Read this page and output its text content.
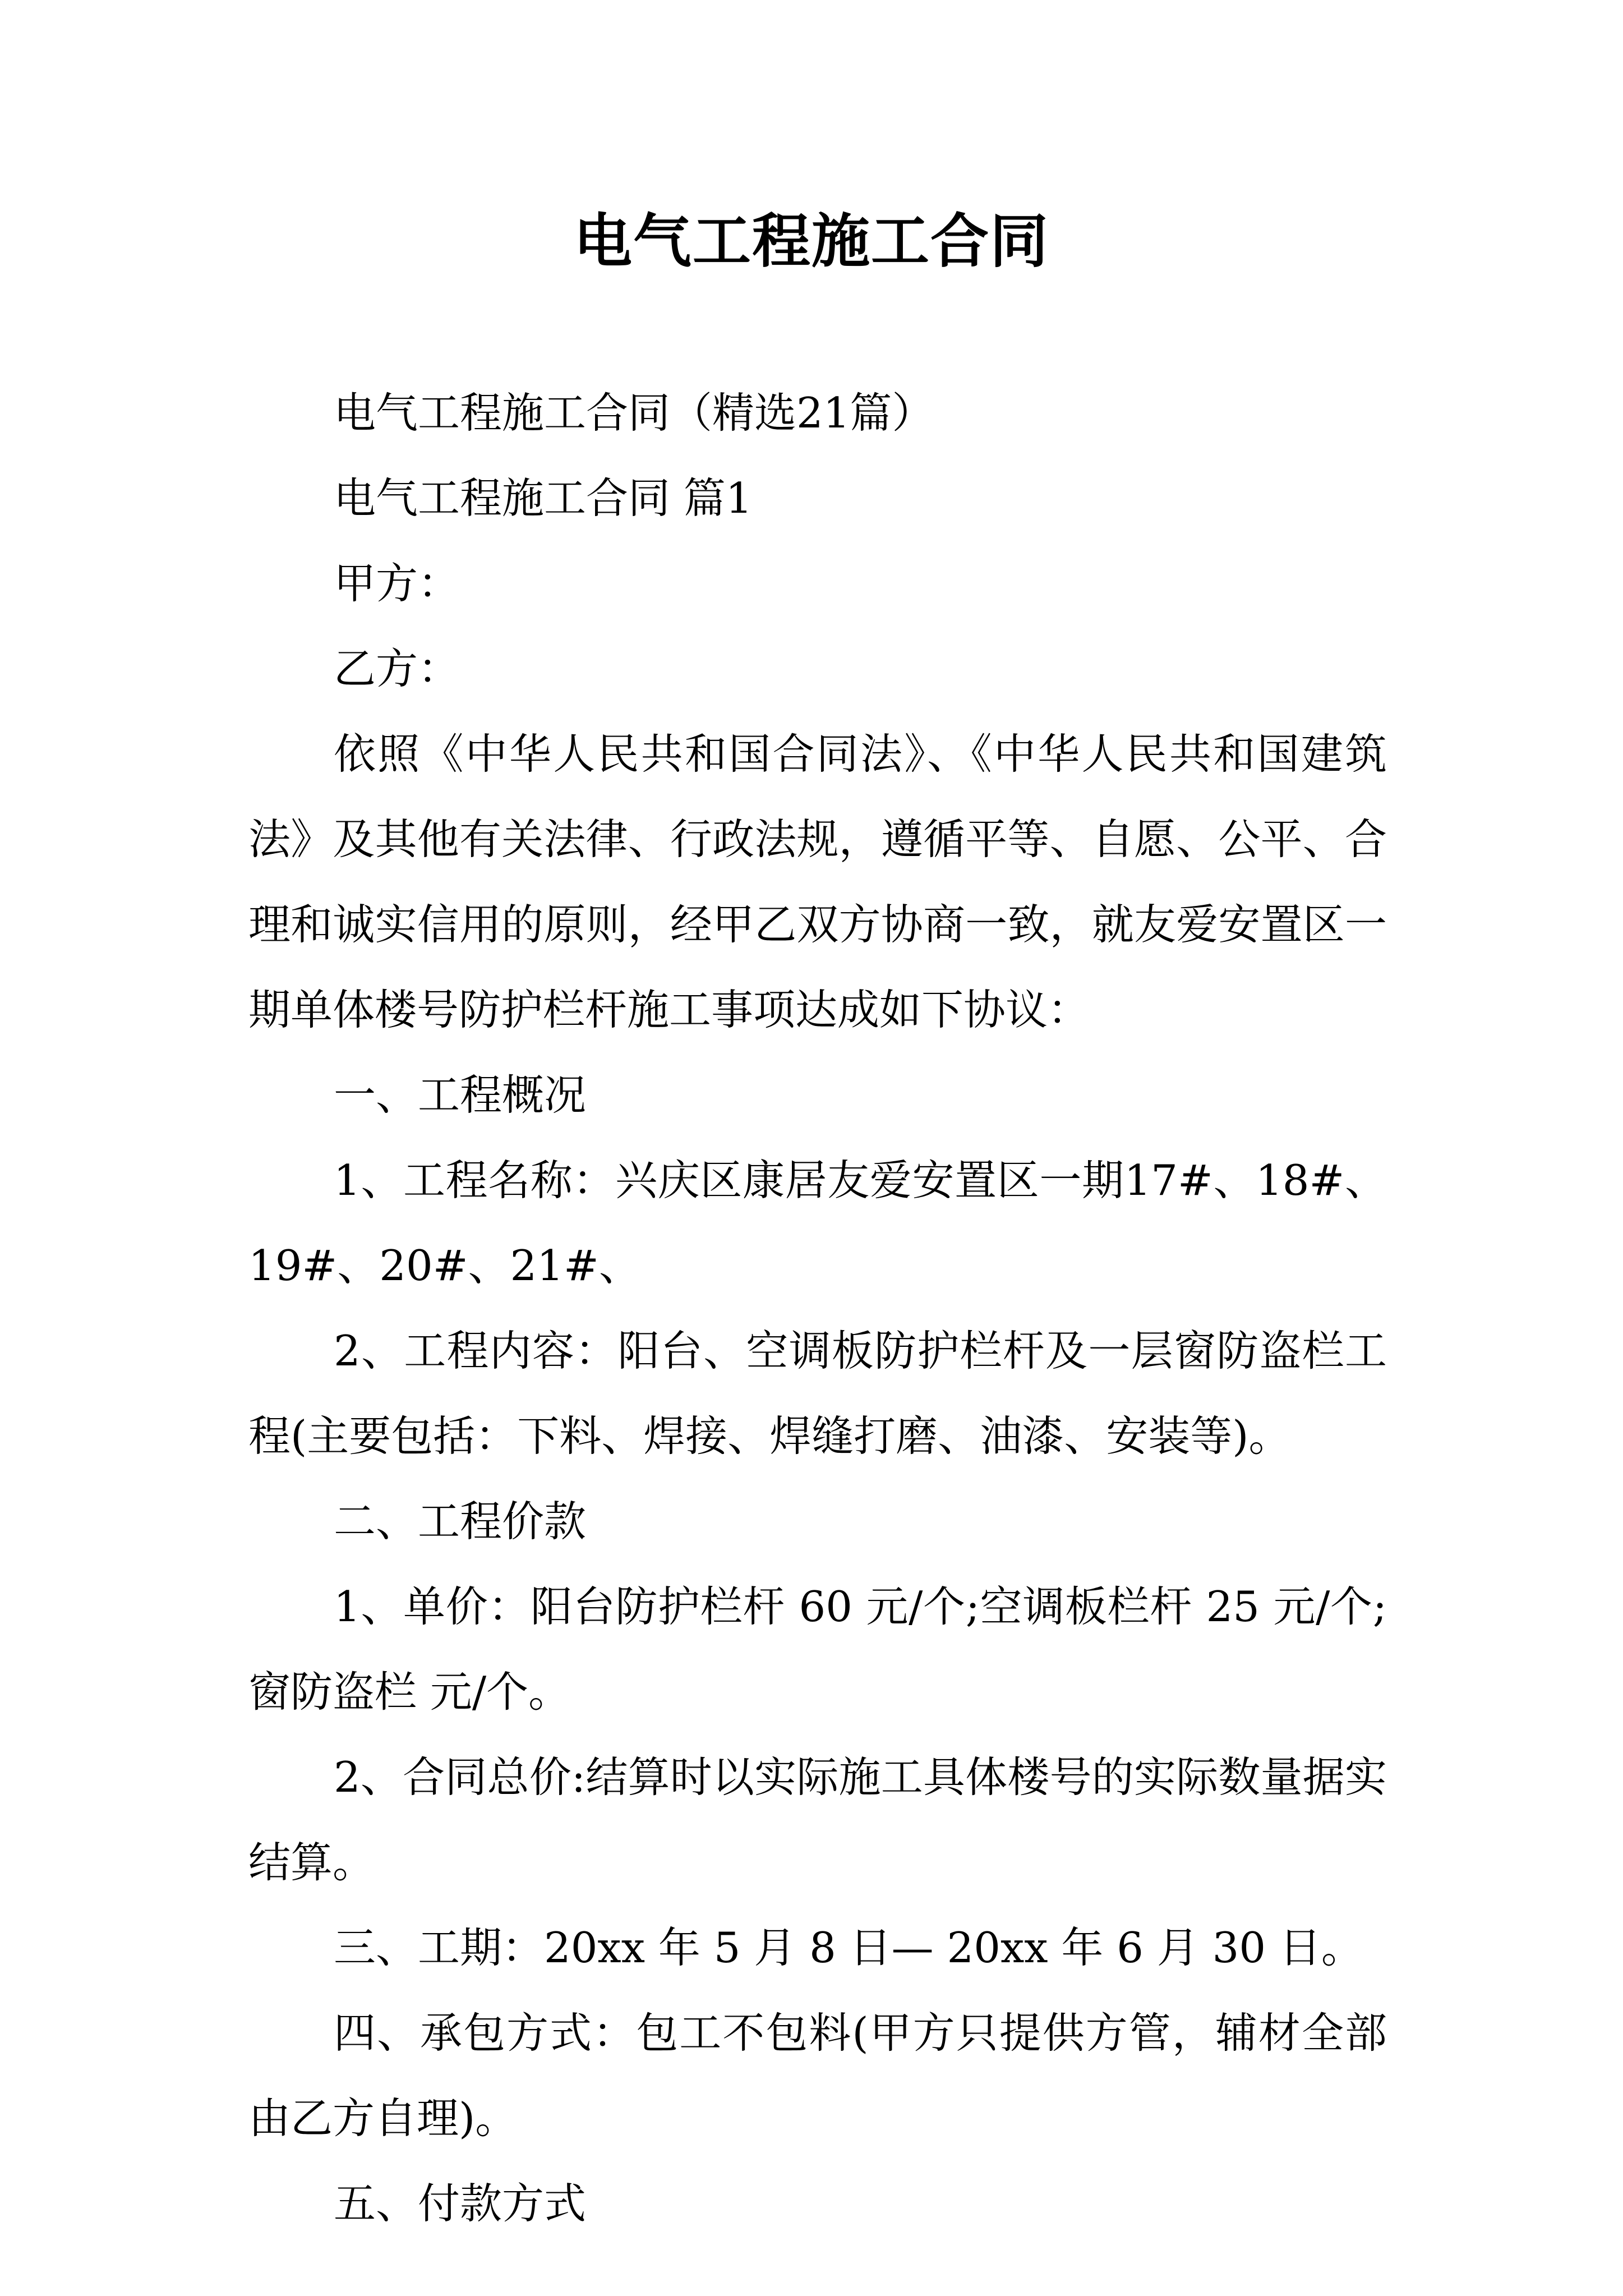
电气工程施工合同

电气工程施工合同（精选21篇）

电气工程施工合同 篇1

甲方：

乙方：

依照《中华人民共和国合同法》、《中华人民共和国建筑法》及其他有关法律、行政法规，遵循平等、自愿、公平、合理和诚实信用的原则，经甲乙双方协商一致，就友爱安置区一期单体楼号防护栏杆施工事项达成如下协议：

一、工程概况

1、工程名称：兴庆区康居友爱安置区一期17#、18#、19#、20#、21#、

2、工程内容：阳台、空调板防护栏杆及一层窗防盗栏工程(主要包括：下料、焊接、焊缝打磨、油漆、安装等)。

二、工程价款

1、单价：阳台防护栏杆 60 元/个;空调板栏杆 25 元/个;窗防盗栏 元/个。

2、合同总价:结算时以实际施工具体楼号的实际数量据实结算。

三、工期：20xx 年 5 月 8 日— 20xx 年 6 月 30 日。

四、承包方式：包工不包料(甲方只提供方管，辅材全部由乙方自理)。

五、付款方式
